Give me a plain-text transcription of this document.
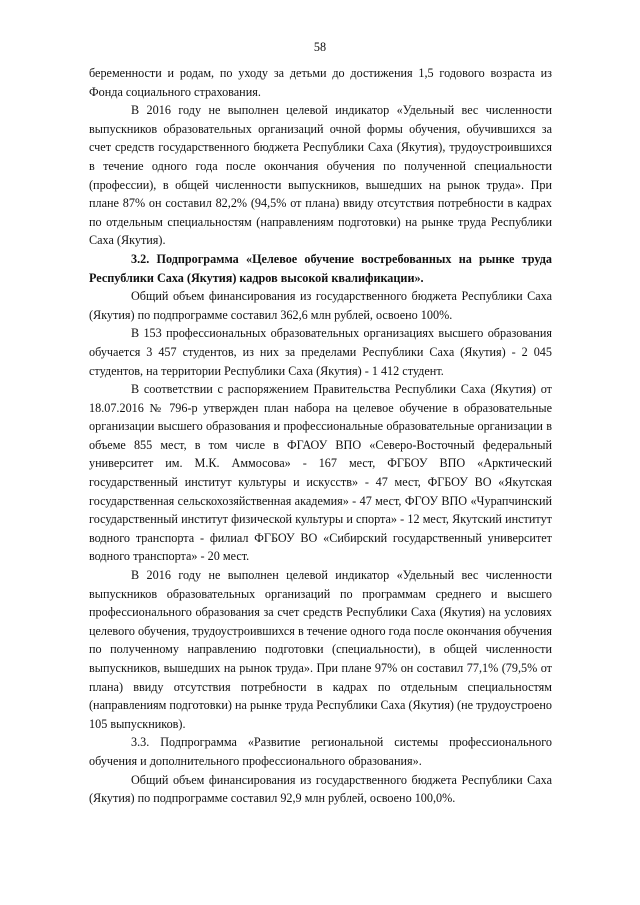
58

беременности и родам, по уходу за детьми до достижения 1,5 годового возраста из Фонда социального страхования.

В 2016 году не выполнен целевой индикатор «Удельный вес численности выпускников образовательных организаций очной формы обучения, обучившихся за счет средств государственного бюджета Республики Саха (Якутия), трудоустроившихся в течение одного года после окончания обучения по полученной специальности (профессии), в общей численности выпускников, вышедших на рынок труда». При плане 87% он составил 82,2% (94,5% от плана) ввиду отсутствия потребности в кадрах по отдельным специальностям (направлениям подготовки) на рынке труда Республики Саха (Якутия).

3.2. Подпрограмма «Целевое обучение востребованных на рынке труда Республики Саха (Якутия) кадров высокой квалификации».

Общий объем финансирования из государственного бюджета Республики Саха (Якутия) по подпрограмме составил 362,6 млн рублей, освоено 100%.

В 153 профессиональных образовательных организациях высшего образования обучается 3 457 студентов, из них за пределами Республики Саха (Якутия) - 2 045 студентов, на территории Республики Саха (Якутия) - 1 412 студент.

В соответствии с распоряжением Правительства Республики Саха (Якутия) от 18.07.2016 № 796-р утвержден план набора на целевое обучение в образовательные организации высшего образования и профессиональные образовательные организации в объеме 855 мест, в том числе в ФГАОУ ВПО «Северо-Восточный федеральный университет им. М.К. Аммосова» - 167 мест, ФГБОУ ВПО «Арктический государственный институт культуры и искусств» - 47 мест, ФГБОУ ВО «Якутская государственная сельскохозяйственная академия» - 47 мест, ФГОУ ВПО «Чурапчинский государственный институт физической культуры и спорта» - 12 мест, Якутский институт водного транспорта - филиал ФГБОУ ВО «Сибирский государственный университет водного транспорта» - 20 мест.

В 2016 году не выполнен целевой индикатор «Удельный вес численности выпускников образовательных организаций по программам среднего и высшего профессионального образования за счет средств Республики Саха (Якутия) на условиях целевого обучения, трудоустроившихся в течение одного года после окончания обучения по полученному направлению подготовки (специальности), в общей численности выпускников, вышедших на рынок труда». При плане 97% он составил 77,1% (79,5% от плана) ввиду отсутствия потребности в кадрах по отдельным специальностям (направлениям подготовки) на рынке труда Республики Саха (Якутия) (не трудоустроено 105 выпускников).

3.3. Подпрограмма «Развитие региональной системы профессионального обучения и дополнительного профессионального образования».

Общий объем финансирования из государственного бюджета Республики Саха (Якутия) по подпрограмме составил 92,9 млн рублей, освоено 100,0%.
